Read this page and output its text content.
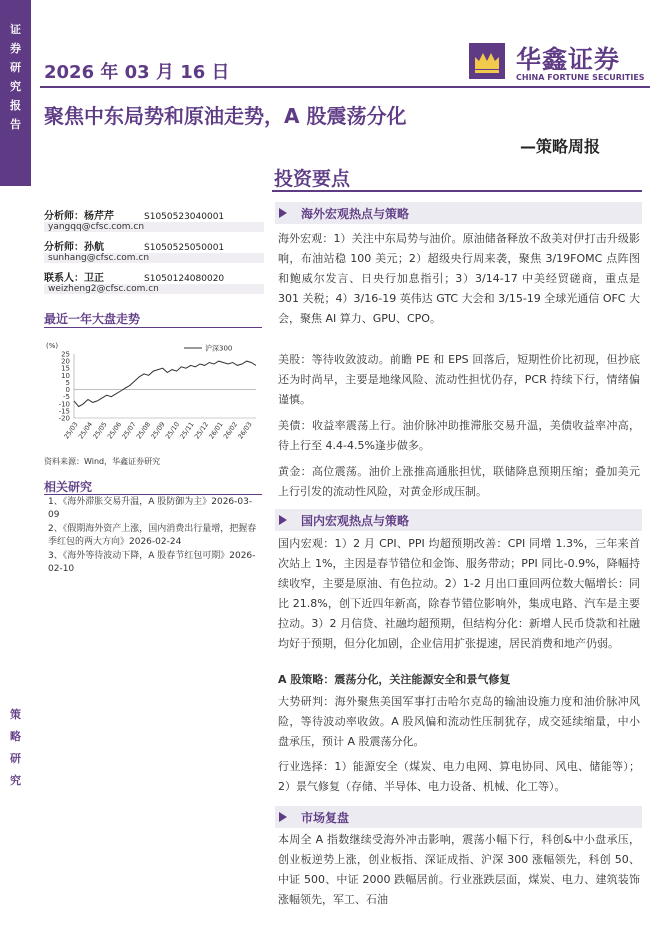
证
券
研
究
报
告
策
略
研
究
2026 年 03 月 16 日	华鑫证券
CHINA FORTUNE SECURITIES
聚焦中东局势和原油走势，A 股震荡分化
—策略周报
投资要点
分析师：杨芹芹	S1050523040001
yangqq@cfsc.com.cn
分析师：孙航	S1050525050001
sunhang@cfsc.com.cn
联系人：卫正	S1050124080020
weizheng2@cfsc.com.cn
最近一年大盘走势
(%)
25
20
15
10
5
0
-5
-10
-15
-20
25/03
25/04
25/05
25/06
25/07
25/08
25/09
25/10
25/11
25/12
26/01
26/02
26/03
沪深300
资料来源：Wind，华鑫证券研究
相关研究
1、《海外滞胀交易升温，A 股防御为主》2026-03-09
2、《假期海外资产上涨，国内消费出行量增，把握春季红包的两大方向》2026-02-24
3、《海外等待波动下降，A 股春节红包可期》2026-02-10
海外宏观热点与策略
海外宏观：1）关注中东局势与油价。原油储备释放不敌美对伊打击升级影响，布油站稳 100 美元；2）超级央行周来袭，聚焦 3/19FOMC 点阵图和鲍威尔发言、日央行加息指引；3）3/14-17 中美经贸磋商，重点是 301 关税；4）3/16-19 英伟达 GTC 大会和 3/15-19 全球光通信 OFC 大会，聚焦 AI 算力、GPU、CPO。
美股：等待收敛波动。前瞻 PE 和 EPS 回落后，短期性价比初现，但抄底还为时尚早，主要是地缘风险、流动性担忧仍存，PCR 持续下行，情绪偏谨慎。
美债：收益率震荡上行。油价脉冲助推滞胀交易升温，美债收益率冲高，待上行至 4.4-4.5%逢步做多。
黄金：高位震荡。油价上涨推高通胀担忧，联储降息预期压缩；叠加美元上行引发的流动性风险，对黄金形成压制。
国内宏观热点与策略
国内宏观：1）2 月 CPI、PPI 均超预期改善：CPI 同增 1.3%，三年来首次站上 1%，主因是春节错位和金饰、服务带动；PPI 同比-0.9%，降幅持续收窄，主要是原油、有色拉动。2）1-2 月出口重回两位数大幅增长：同比 21.8%，创下近四年新高，除春节错位影响外，集成电路、汽车是主要拉动。3）2 月信贷、社融均超预期，但结构分化：新增人民币贷款和社融均好于预期，但分化加剧，企业信用扩张提速，居民消费和地产仍弱。
A 股策略：震荡分化，关注能源安全和景气修复
大势研判：海外聚焦美国军事打击哈尔克岛的输油设施力度和油价脉冲风险，等待波动率收敛。A 股风偏和流动性压制犹存，成交延续缩量，中小盘承压，预计 A 股震荡分化。
行业选择：1）能源安全（煤炭、电力电网、算电协同、风电、储能等）；2）景气修复（存储、半导体、电力设备、机械、化工等）。
市场复盘
本周全 A 指数继续受海外冲击影响，震荡小幅下行，科创&中小盘承压，创业板逆势上涨，创业板指、深证成指、沪深 300 涨幅领先，科创 50、中证 500、中证 2000 跌幅居前。行业涨跌层面，煤炭、电力、建筑装饰涨幅领先，军工、石油
